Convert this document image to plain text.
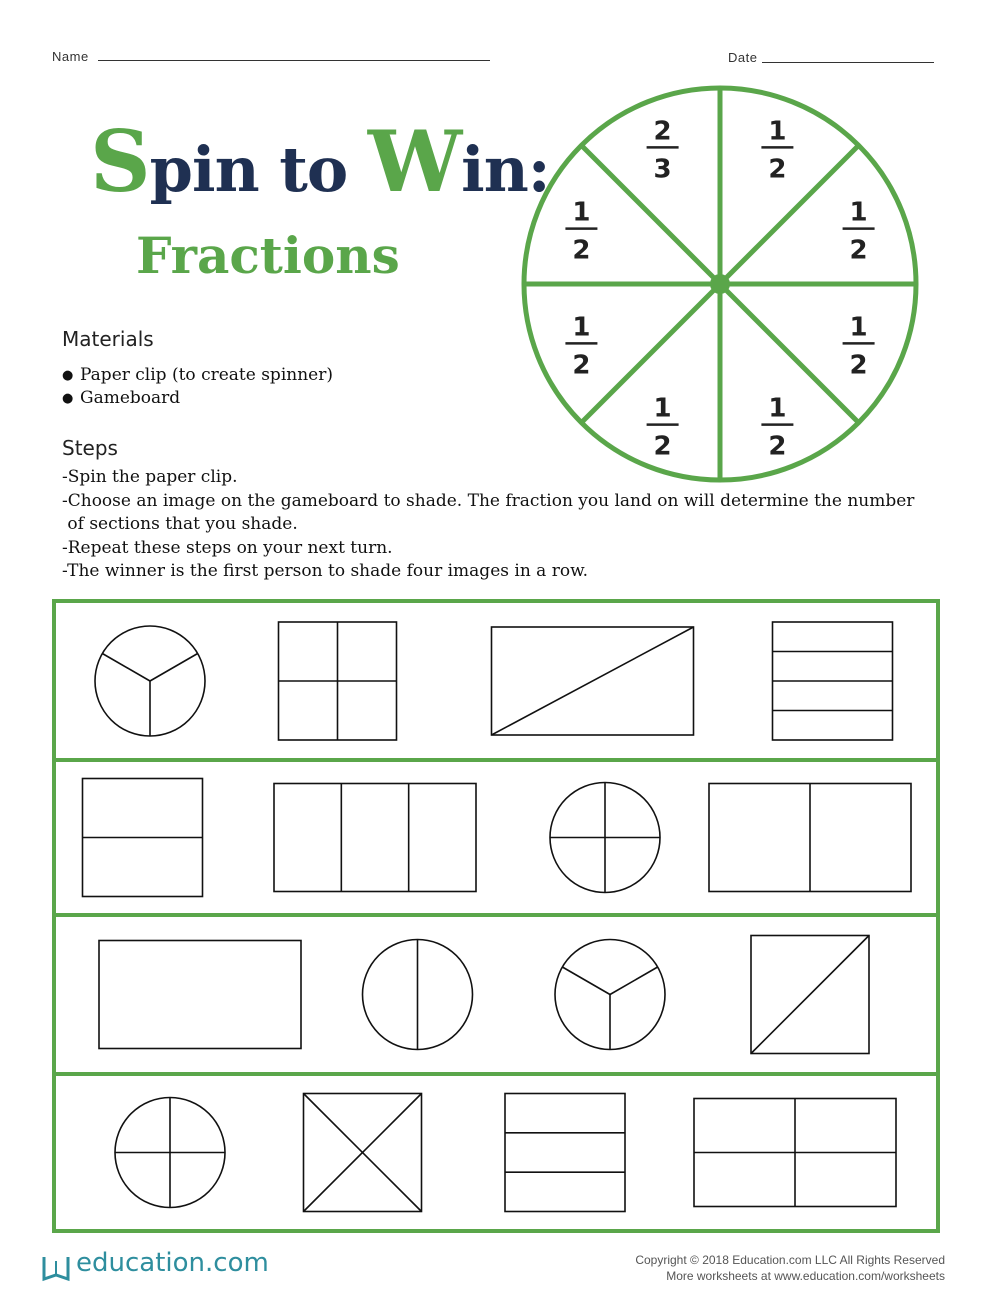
Name	Date
Spin to Win:
Fractions
2
3
1
2
1
2
1
2
1
2
1
2
1
2
1
2
Materials
● Paper clip (to create spinner)
● Gameboard
Steps
-Spin the paper clip.
-Choose an image on the gameboard to shade. The fraction you land on will determine the number
of sections that you shade.
-Repeat these steps on your next turn.
-The winner is the first person to shade four images in a row.
education.com	Copyright © 2018 Education.com LLC All Rights Reserved
More worksheets at www.education.com/worksheets
